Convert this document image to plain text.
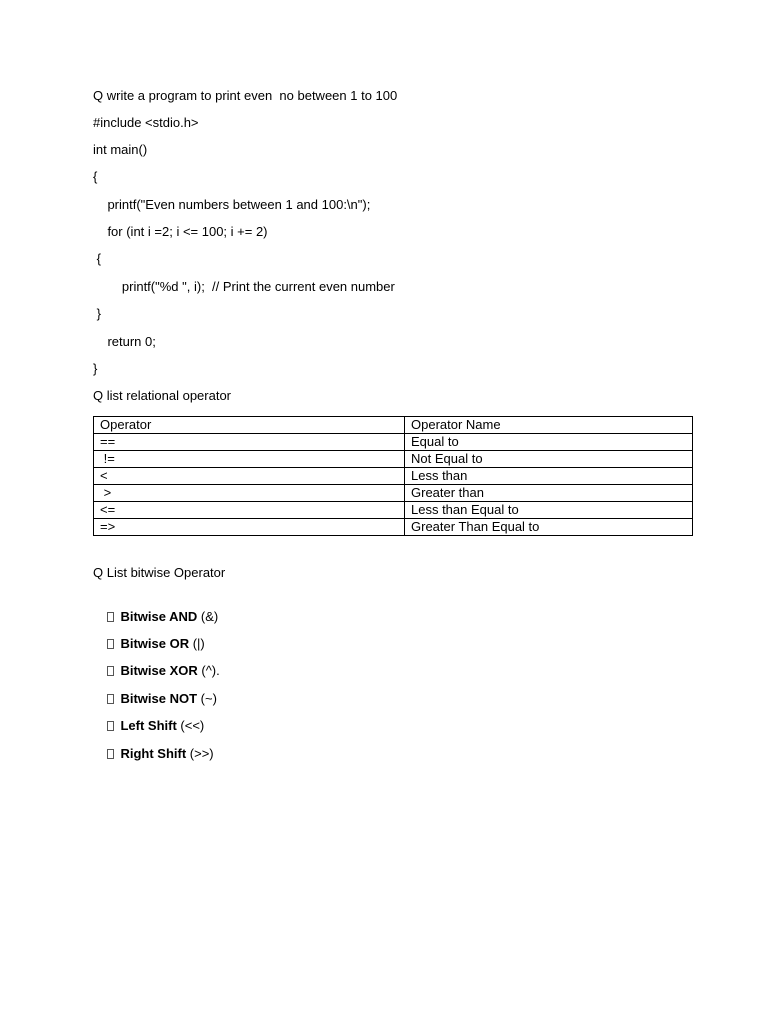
Q write a program to print even  no between 1 to 100
#include <stdio.h>
int main()
{
printf("Even numbers between 1 and 100:\n");
for (int i =2; i <= 100; i += 2)
{
printf("%d ", i);  // Print the current even number
}
return 0;
}
Q list relational operator
Operator	Operator Name
==	Equal to
!=	Not Equal to
<	Less than
>	Greater than
<=	Less than Equal to
=>	Greater Than Equal to
Q List bitwise Operator

Bitwise AND (&)

Bitwise OR (|)

Bitwise XOR (^).

Bitwise NOT (~)

Left Shift (<<)

Right Shift (>>)
